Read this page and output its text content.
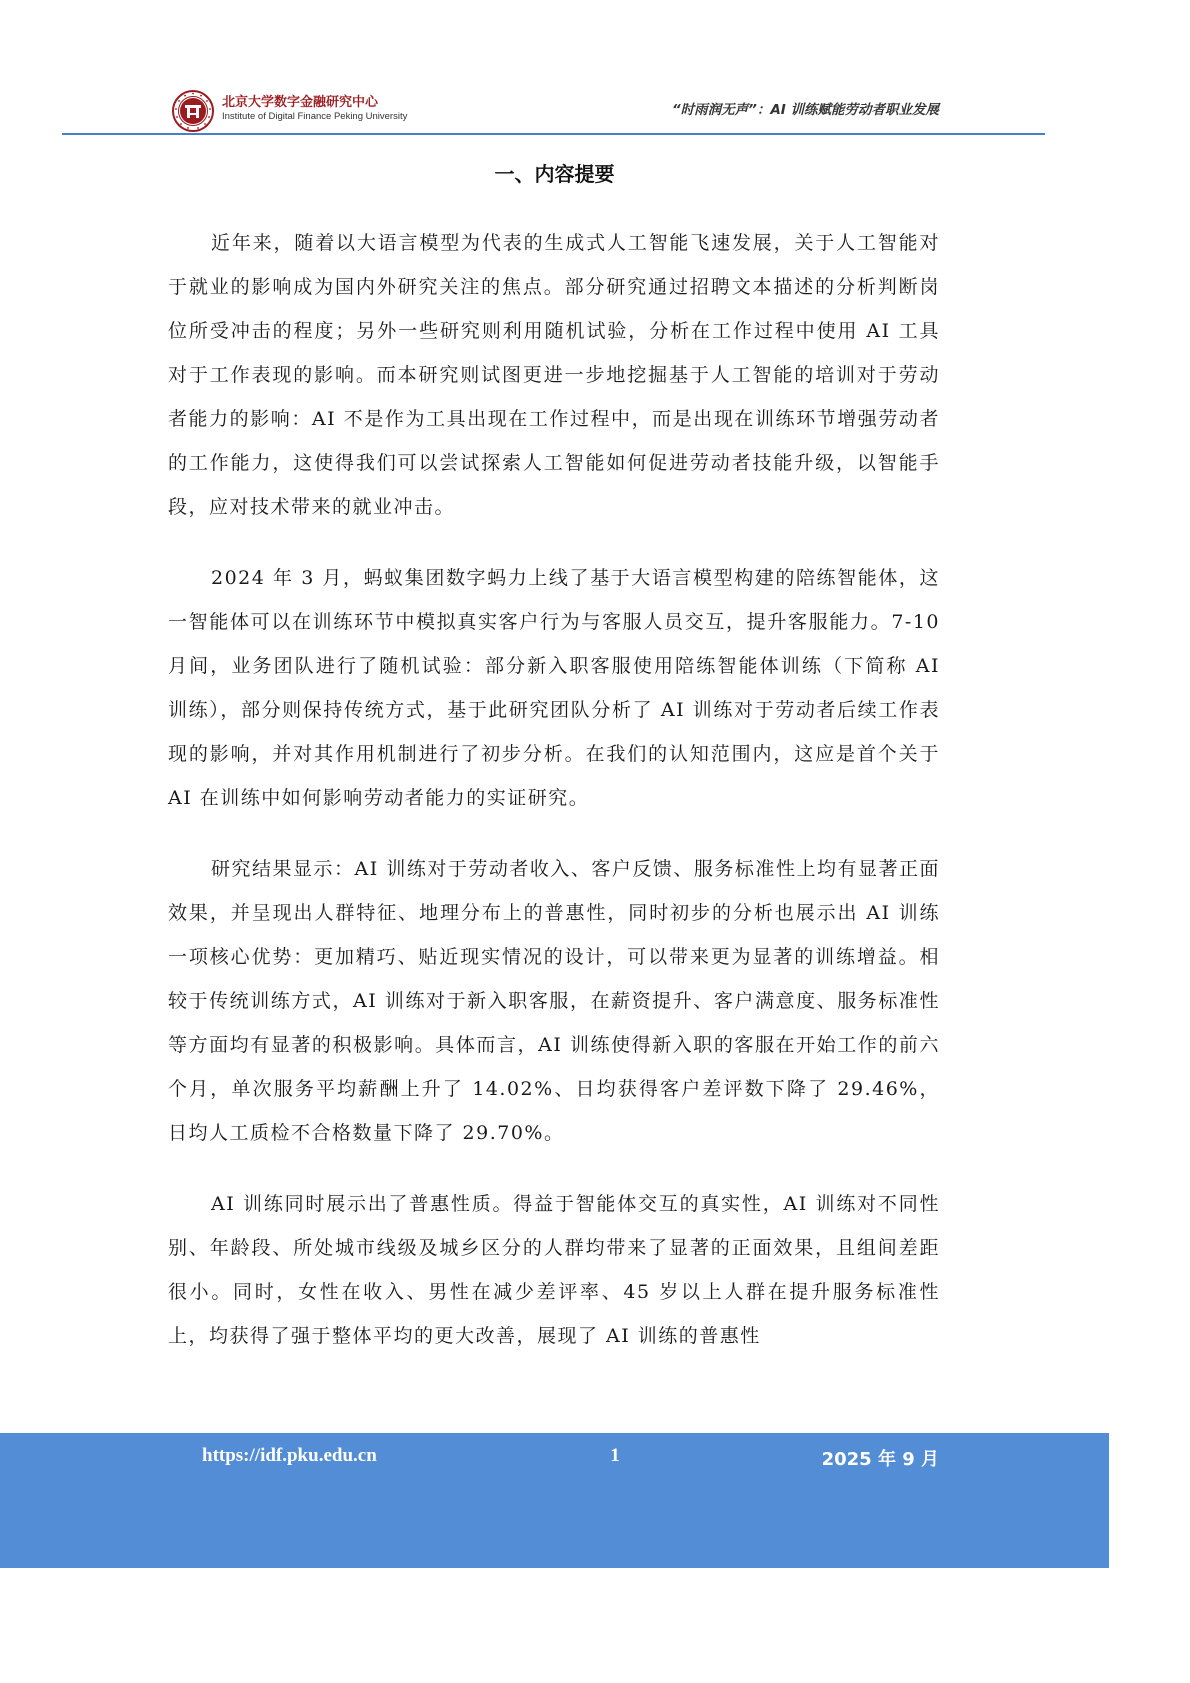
北京大学数字金融研究中心
Institute of Digital Finance Peking University	“时雨润无声”：AI 训练赋能劳动者职业发展
一、内容提要

近年来，随着以大语言模型为代表的生成式人工智能飞速发展，关于人工智能对于就业的影响成为国内外研究关注的焦点。部分研究通过招聘文本描述的分析判断岗位所受冲击的程度；另外一些研究则利用随机试验，分析在工作过程中使用 AI 工具对于工作表现的影响。而本研究则试图更进一步地挖掘基于人工智能的培训对于劳动者能力的影响：AI 不是作为工具出现在工作过程中，而是出现在训练环节增强劳动者的工作能力，这使得我们可以尝试探索人工智能如何促进劳动者技能升级，以智能手段，应对技术带来的就业冲击。

2024 年 3 月，蚂蚁集团数字蚂力上线了基于大语言模型构建的陪练智能体，这一智能体可以在训练环节中模拟真实客户行为与客服人员交互，提升客服能力。7-10 月间，业务团队进行了随机试验：部分新入职客服使用陪练智能体训练（下简称 AI 训练），部分则保持传统方式，基于此研究团队分析了 AI 训练对于劳动者后续工作表现的影响，并对其作用机制进行了初步分析。在我们的认知范围内，这应是首个关于 AI 在训练中如何影响劳动者能力的实证研究。

研究结果显示：AI 训练对于劳动者收入、客户反馈、服务标准性上均有显著正面效果，并呈现出人群特征、地理分布上的普惠性，同时初步的分析也展示出 AI 训练一项核心优势：更加精巧、贴近现实情况的设计，可以带来更为显著的训练增益。相较于传统训练方式，AI 训练对于新入职客服，在薪资提升、客户满意度、服务标准性等方面均有显著的积极影响。具体而言，AI 训练使得新入职的客服在开始工作的前六个月，单次服务平均薪酬上升了 14.02%、日均获得客户差评数下降了 29.46%，日均人工质检不合格数量下降了 29.70%。

AI 训练同时展示出了普惠性质。得益于智能体交互的真实性，AI 训练对不同性别、年龄段、所处城市线级及城乡区分的人群均带来了显著的正面效果，且组间差距很小。同时，女性在收入、男性在减少差评率、45 岁以上人群在提升服务标准性上，均获得了强于整体平均的更大改善，展现了 AI 训练的普惠性

https://idf.pku.edu.cn	1	2025 年 9 月
